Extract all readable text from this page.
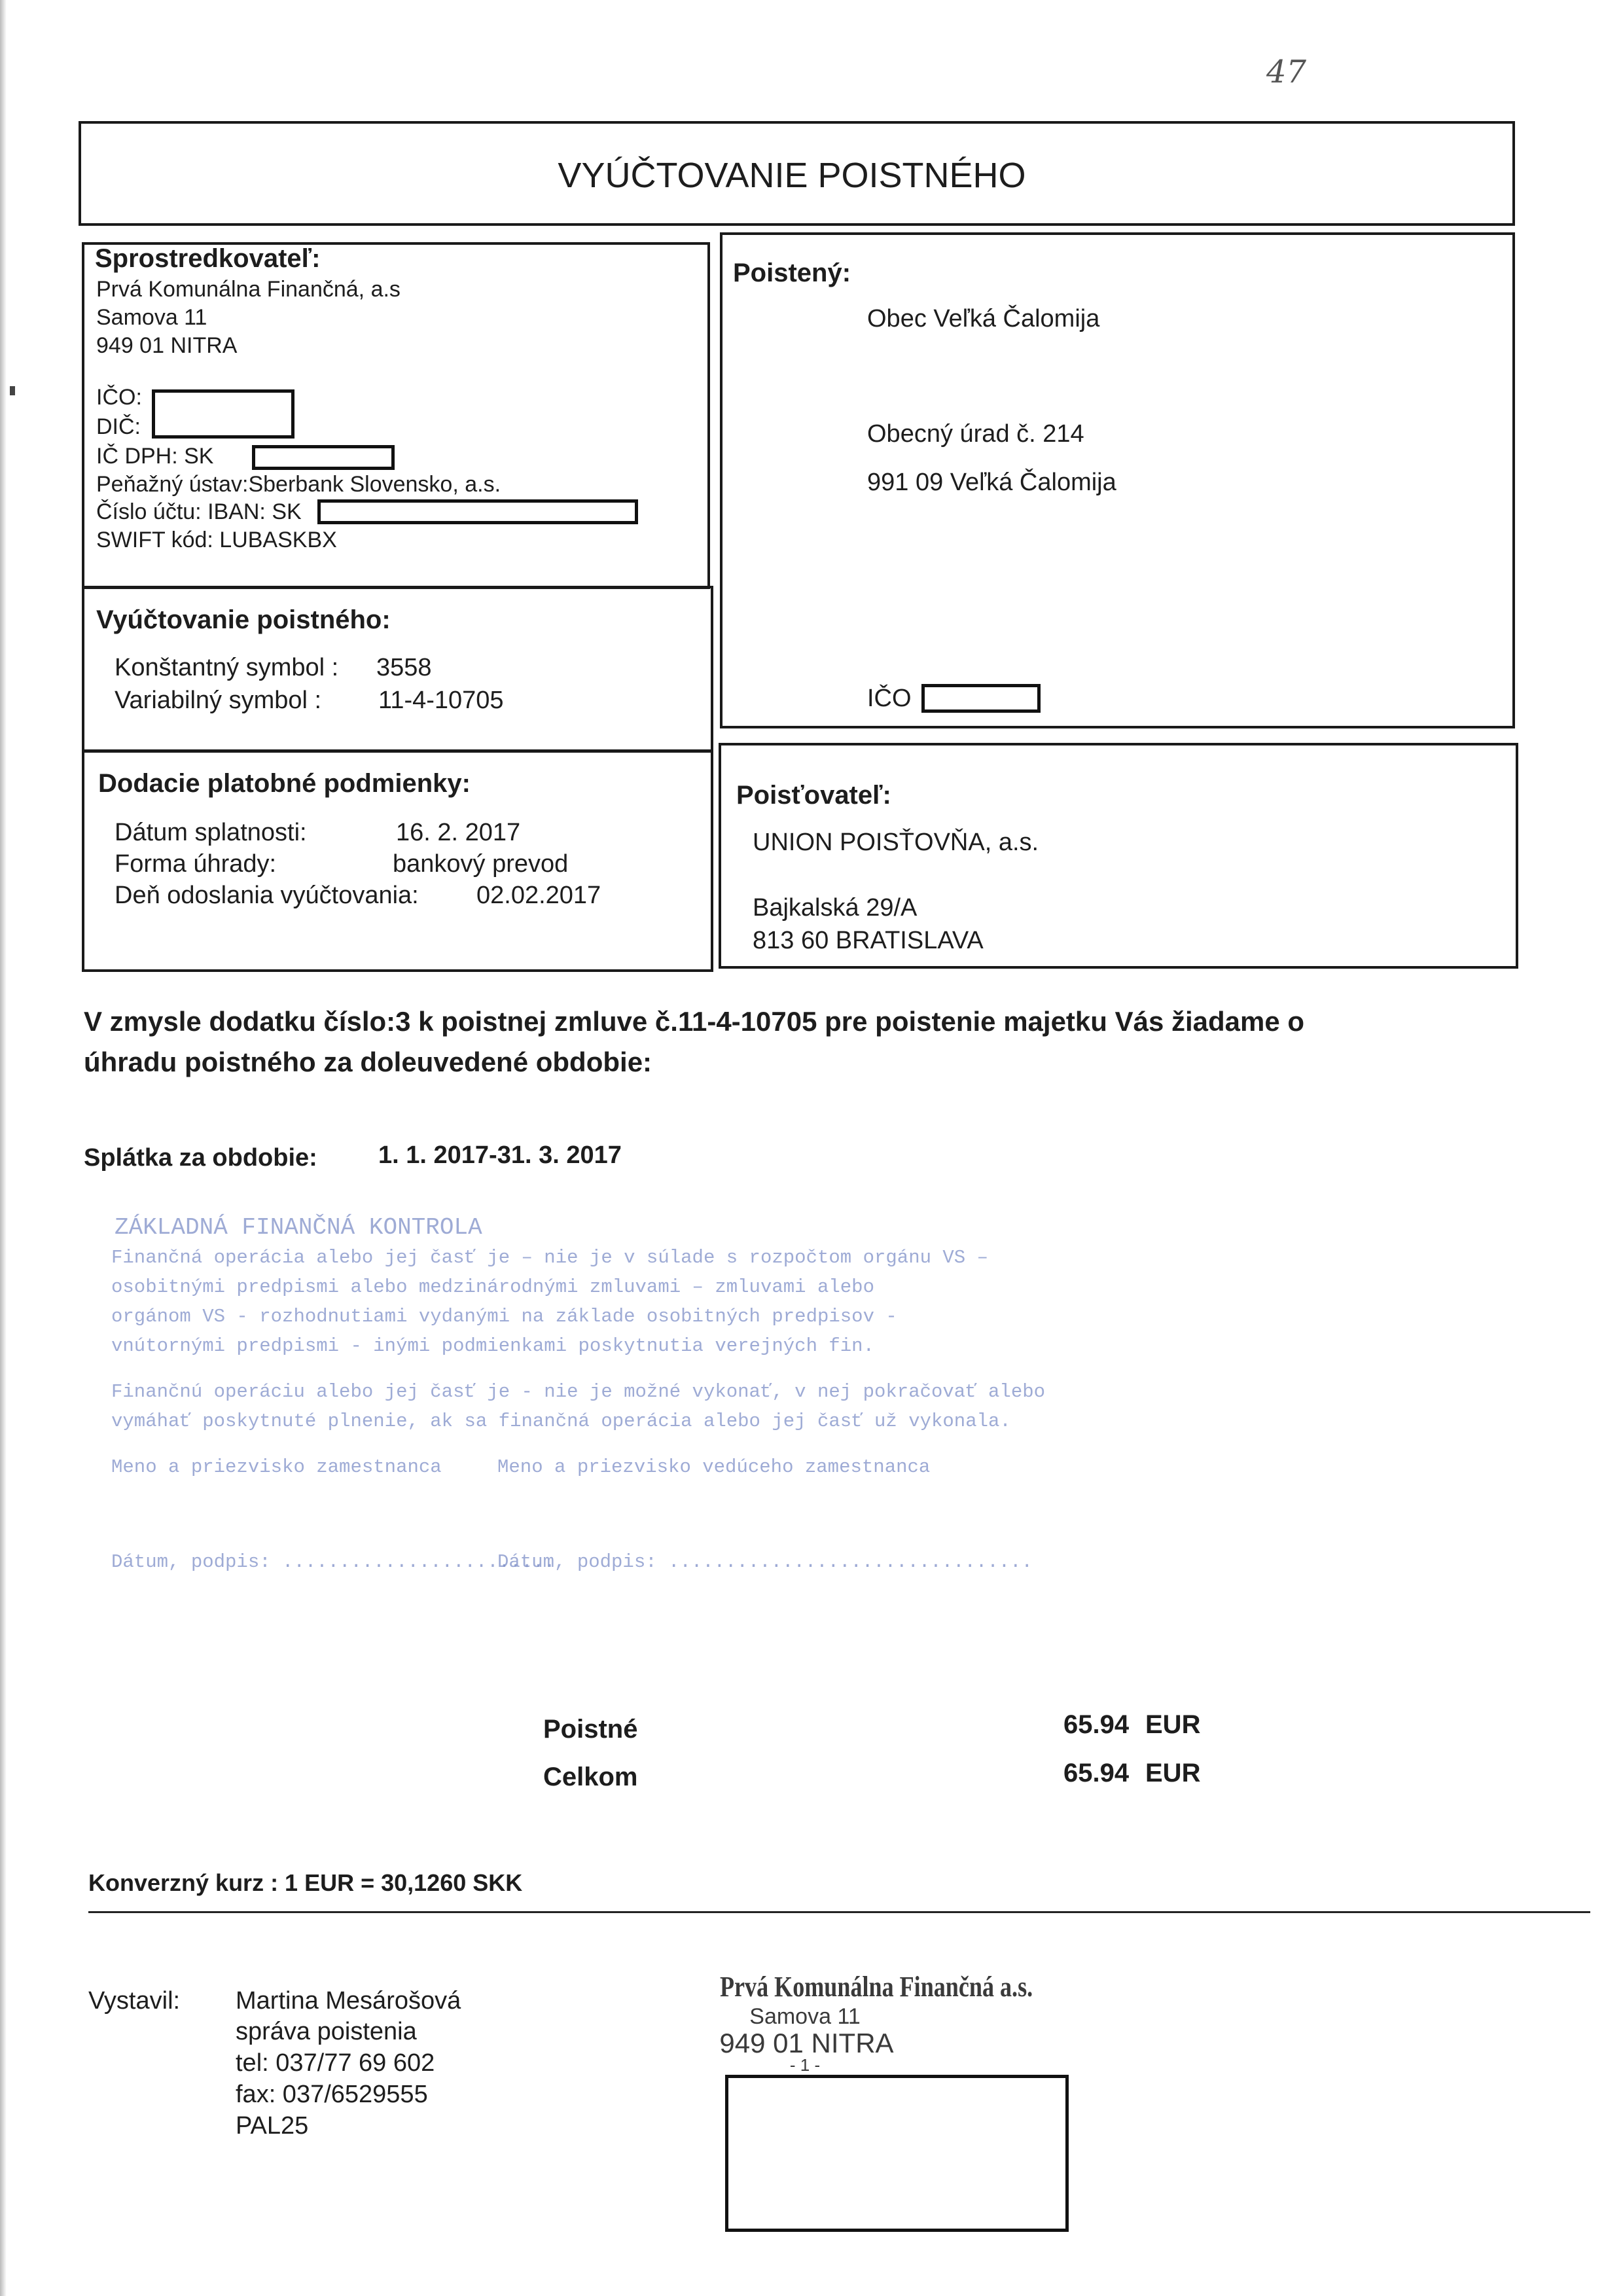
47
VYÚČTOVANIE POISTNÉHO
Sprostredkovateľ:
Prvá Komunálna Finančná, a.s
Samova 11
949 01 NITRA
IČO:
DIČ:
IČ DPH: SK
Peňažný ústav:Sberbank Slovensko, a.s.
Číslo účtu: IBAN: SK
SWIFT kód: LUBASKBX
Poistený:
Obec Veľká Čalomija
Obecný úrad č. 214
991 09 Veľká Čalomija
IČO
Vyúčtovanie poistného:
Konštantný symbol : 3558
Variabilný symbol : 11-4-10705
Dodacie platobné podmienky:
Dátum splatnosti:	16. 2. 2017
Forma úhrady:	bankový prevod
Deň odoslania vyúčtovania: 02.02.2017
Poisťovateľ:
UNION POISŤOVŇA, a.s.
Bajkalská 29/A
813 60 BRATISLAVA
V zmysle dodatku číslo:3 k poistnej zmluve č.11-4-10705 pre poistenie majetku Vás žiadame o
úhradu poistného za doleuvedené obdobie:
Splátka za obdobie: 1. 1. 2017-31. 3. 2017
ZÁKLADNÁ FINANČNÁ KONTROLA
Finančná operácia alebo jej časť je – nie je v súlade s rozpočtom orgánu VS –
osobitnými predpismi alebo medzinárodnými zmluvami – zmluvami alebo
orgánom VS - rozhodnutiami vydanými na základe osobitných predpisov -
vnútornými predpismi - inými podmienkami poskytnutia verejných fin.
Finančnú operáciu alebo jej časť je - nie je možné vykonať, v nej pokračovať alebo
vymáhať poskytnuté plnenie, ak sa finančná operácia alebo jej časť už vykonala.
Meno a priezvisko zamestnanca	Meno a priezvisko vedúceho zamestnanca
Dátum, podpis: ........................
Dátum, podpis: ................................
Poistné	65.94 EUR
Celkom	65.94 EUR
Konverzný kurz : 1 EUR = 30,1260 SKK
Vystavil: Martina Mesárošová
správa poistenia
tel: 037/77 69 602
fax: 037/6529555
PAL25
Prvá Komunálna Finančná a.s.
Samova 11
949 01 NITRA
- 1 -
